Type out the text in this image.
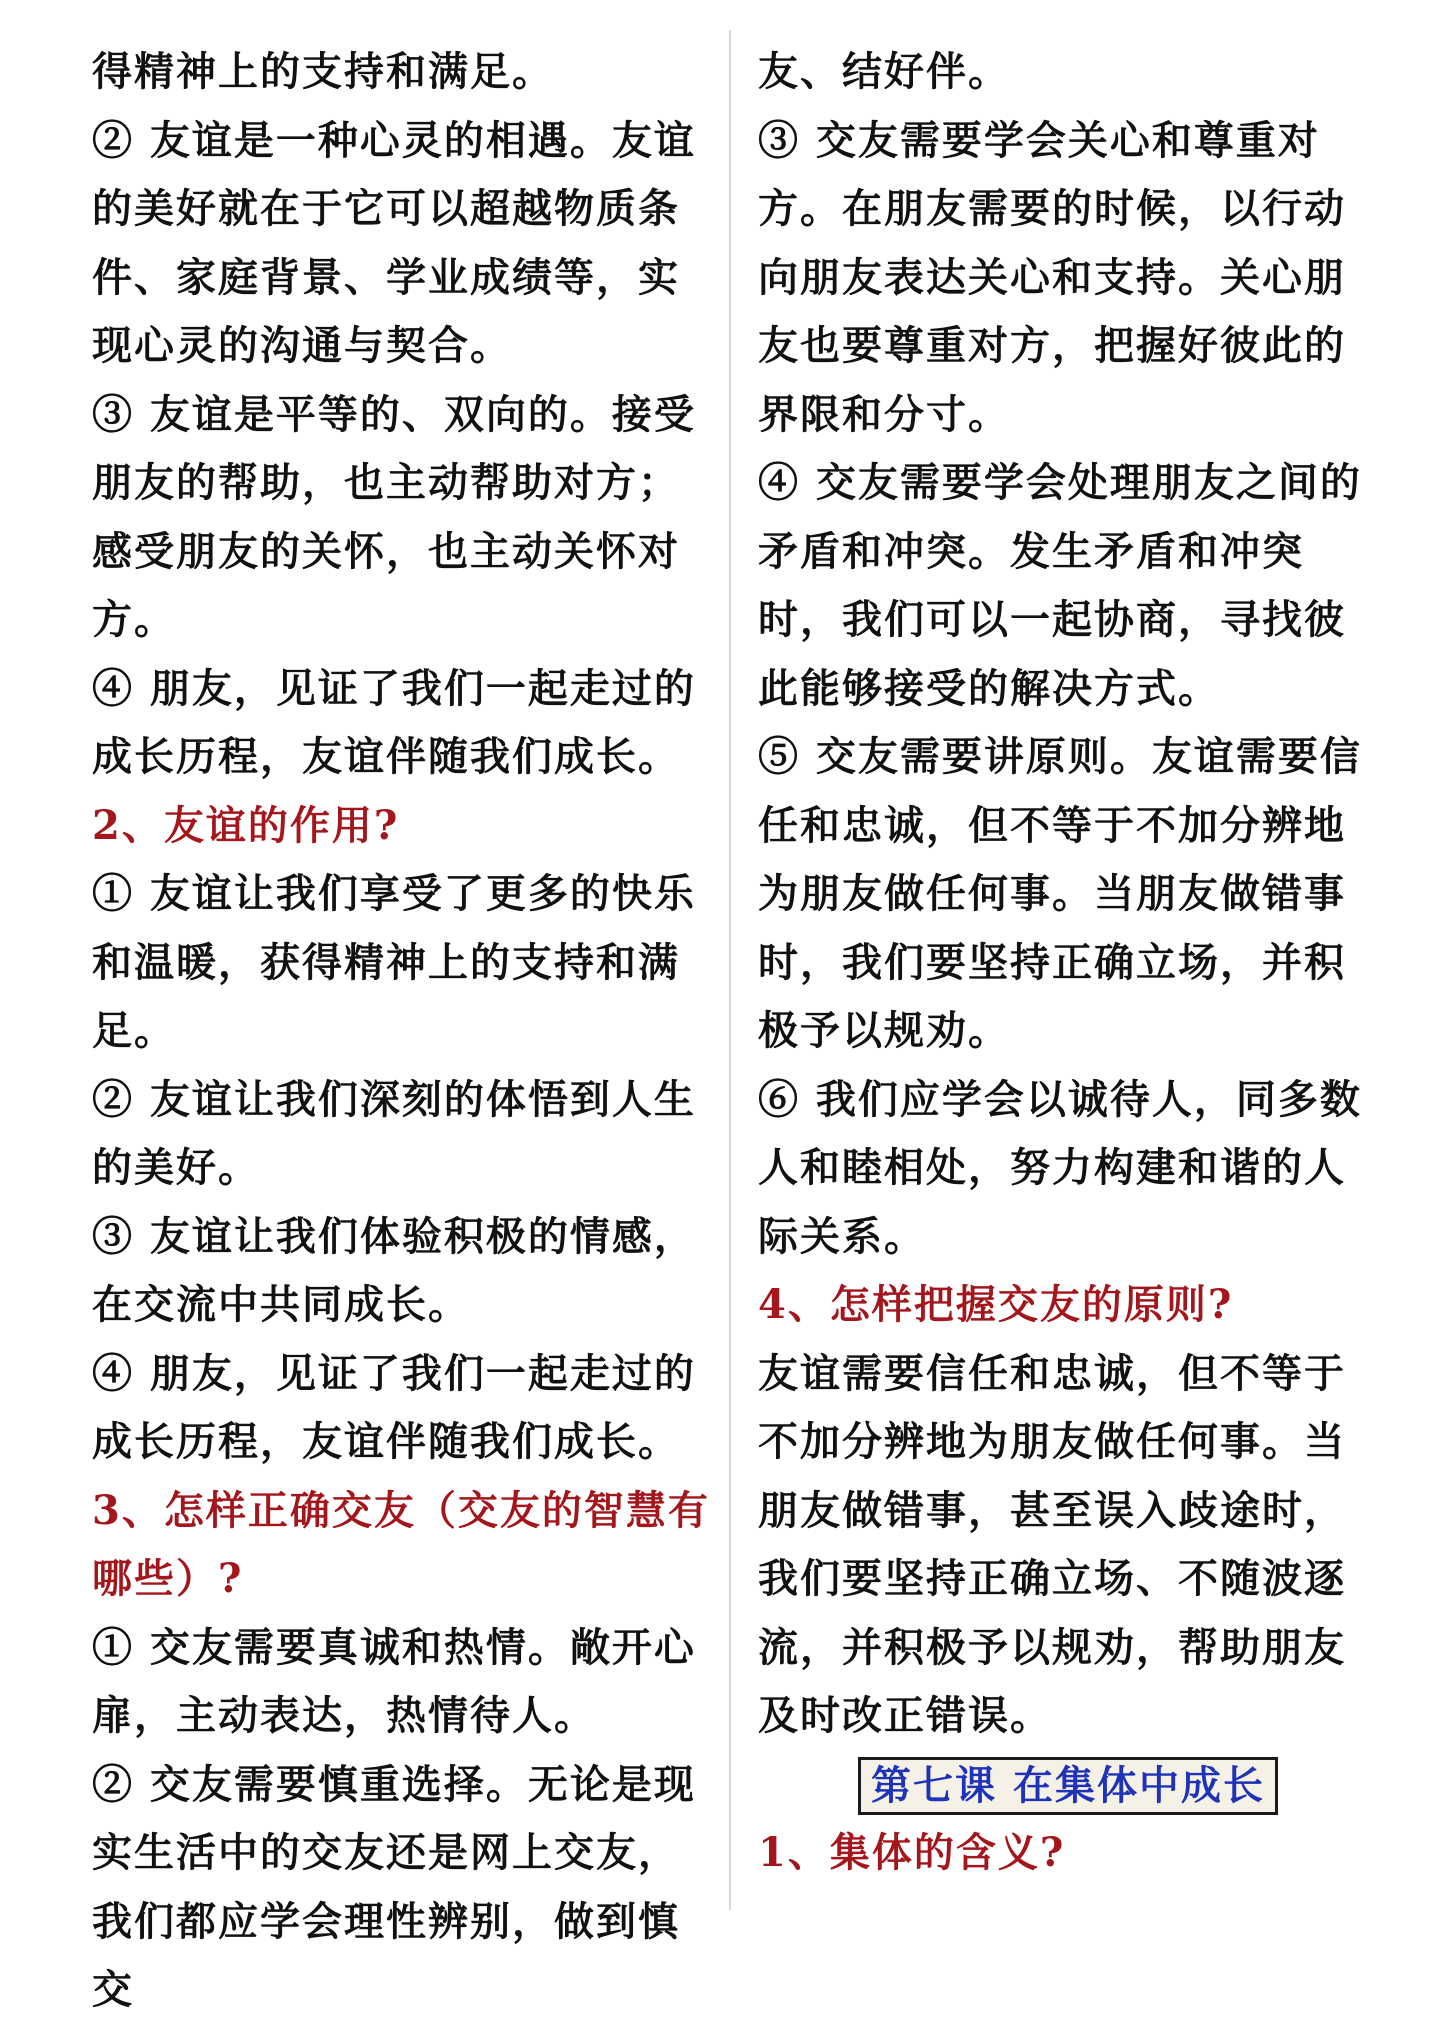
得精神上的支持和满足。

② 友谊是一种心灵的相遇。友谊的美好就在于它可以超越物质条件、家庭背景、学业成绩等，实现心灵的沟通与契合。

③ 友谊是平等的、双向的。接受朋友的帮助，也主动帮助对方；感受朋友的关怀，也主动关怀对方。

④ 朋友，见证了我们一起走过的成长历程，友谊伴随我们成长。

2、友谊的作用?

① 友谊让我们享受了更多的快乐和温暖，获得精神上的支持和满足。

② 友谊让我们深刻的体悟到人生的美好。

③ 友谊让我们体验积极的情感，在交流中共同成长。

④ 朋友，见证了我们一起走过的成长历程，友谊伴随我们成长。

3、怎样正确交友（交友的智慧有哪些）?

① 交友需要真诚和热情。敞开心扉，主动表达，热情待人。

② 交友需要慎重选择。无论是现实生活中的交友还是网上交友，我们都应学会理性辨别，做到慎交

友、结好伴。

③ 交友需要学会关心和尊重对方。在朋友需要的时候，以行动向朋友表达关心和支持。关心朋友也要尊重对方，把握好彼此的界限和分寸。

④ 交友需要学会处理朋友之间的矛盾和冲突。发生矛盾和冲突时，我们可以一起协商，寻找彼此能够接受的解决方式。

⑤ 交友需要讲原则。友谊需要信任和忠诚，但不等于不加分辨地为朋友做任何事。当朋友做错事时，我们要坚持正确立场，并积极予以规劝。

⑥ 我们应学会以诚待人，同多数人和睦相处，努力构建和谐的人际关系。

4、怎样把握交友的原则?

友谊需要信任和忠诚，但不等于不加分辨地为朋友做任何事。当朋友做错事，甚至误入歧途时，我们要坚持正确立场、不随波逐流，并积极予以规劝，帮助朋友及时改正错误。

第七课 在集体中成长

1、集体的含义?
